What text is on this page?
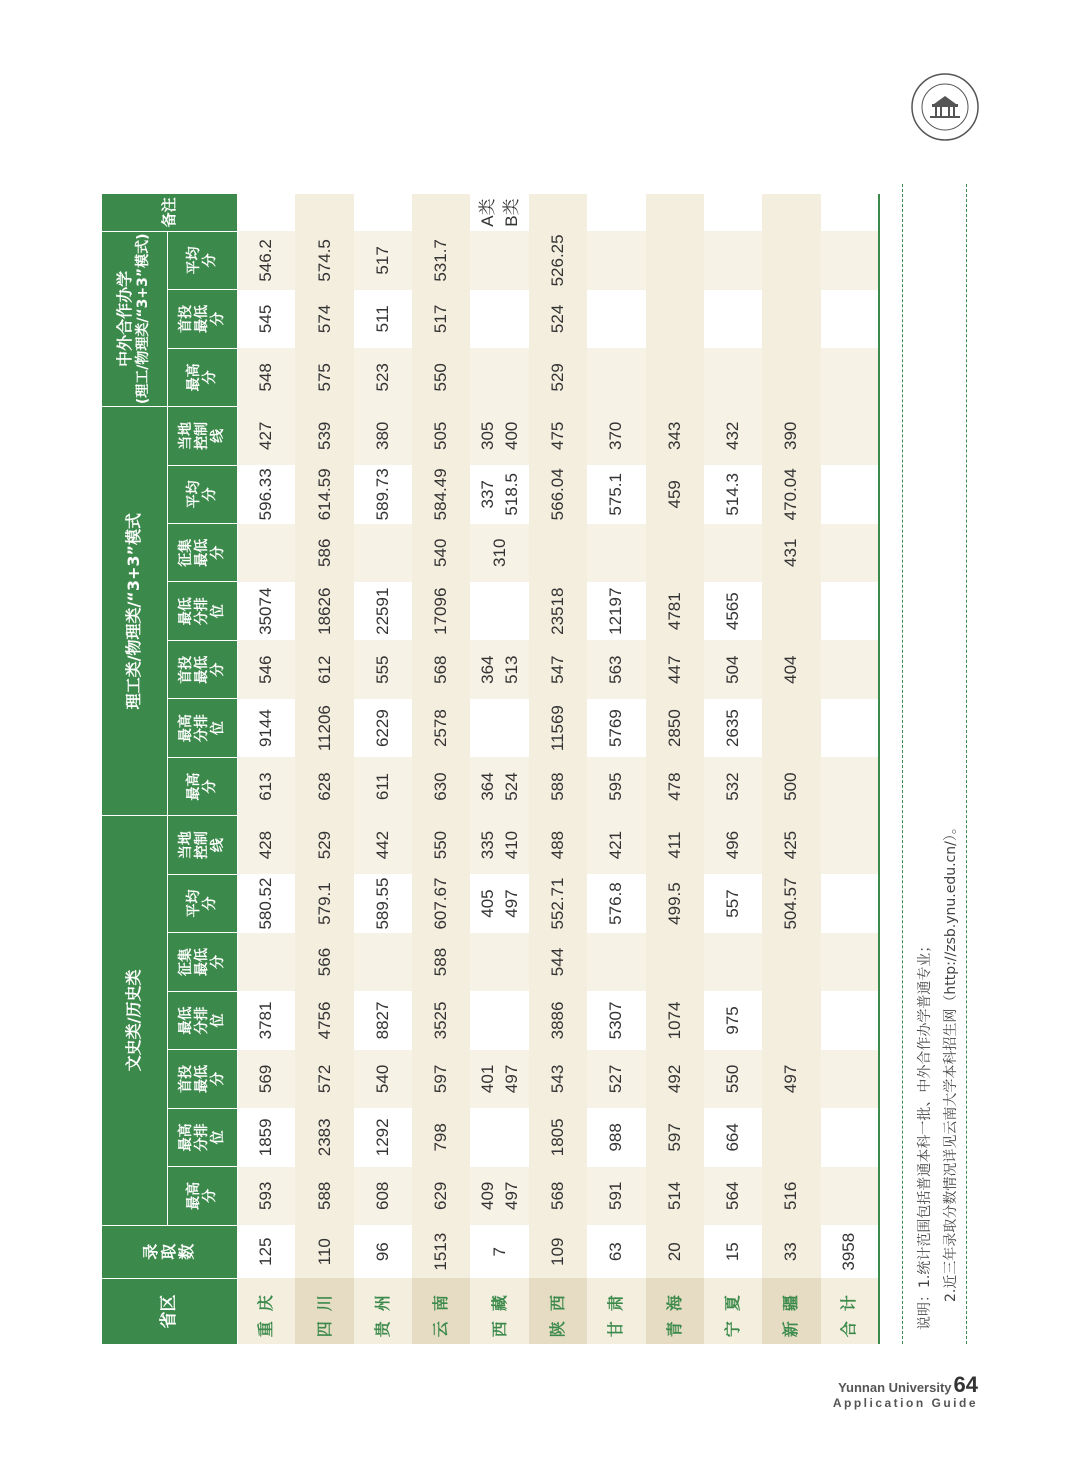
省区	录取数	文史类/历史类							理工类/物理类/“3+3”模式							中外合作办学 (理工/物理类/“3+3”模式)			备注
		最高分	最高分排位	首投最低分	最低分排位	征集最低分	平均分	当地控制线	最高分	最高分排位	首投最低分	最低分排位	征集最低分	平均分	当地控制线	最高分	首投最低分	平均分	
重庆	125	593	1859	569	3781		580.52	428	613	9144	546	35074		596.33	427	548	545	546.2	
四川	110	588	2383	572	4756	566	579.1	529	628	11206	612	18626	586	614.59	539	575	574	574.5	
贵州	96	608	1292	540	8827		589.55	442	611	6229	555	22591		589.73	380	523	511	517	
云南	1513	629	798	597	3525	588	607.67	550	630	2578	568	17096	540	584.49	505	550	517	531.7	
西藏	7	409 497		401 497			405 497	335 410	364 524		364 513		310	337 518.5	305 400				A类 B类

陕西	109	568	1805	543	3886	544	552.71	488	588	11569	547	23518		566.04	475	529	524	526.25	
甘肃	63	591	988	527	5307		576.8	421	595	5769	563	12197		575.1	370				
青海	20	514	597	492	1074		499.5	411	478	2850	447	4781		459	343				
宁夏	15	564	664	550	975		557	496	532	2635	504	4565		514.3	432				
新疆	33	516		497			504.57	425	500		404		431	470.04	390				
合计	3958																			说明：1.统计范围包括普通本科一批、中外合作办学普通专业； 2.近三年录取分数情况详见云南大学本科招生网（http://zsb.ynu.edu.cn/）。
Yunnan University64
Application Guide
